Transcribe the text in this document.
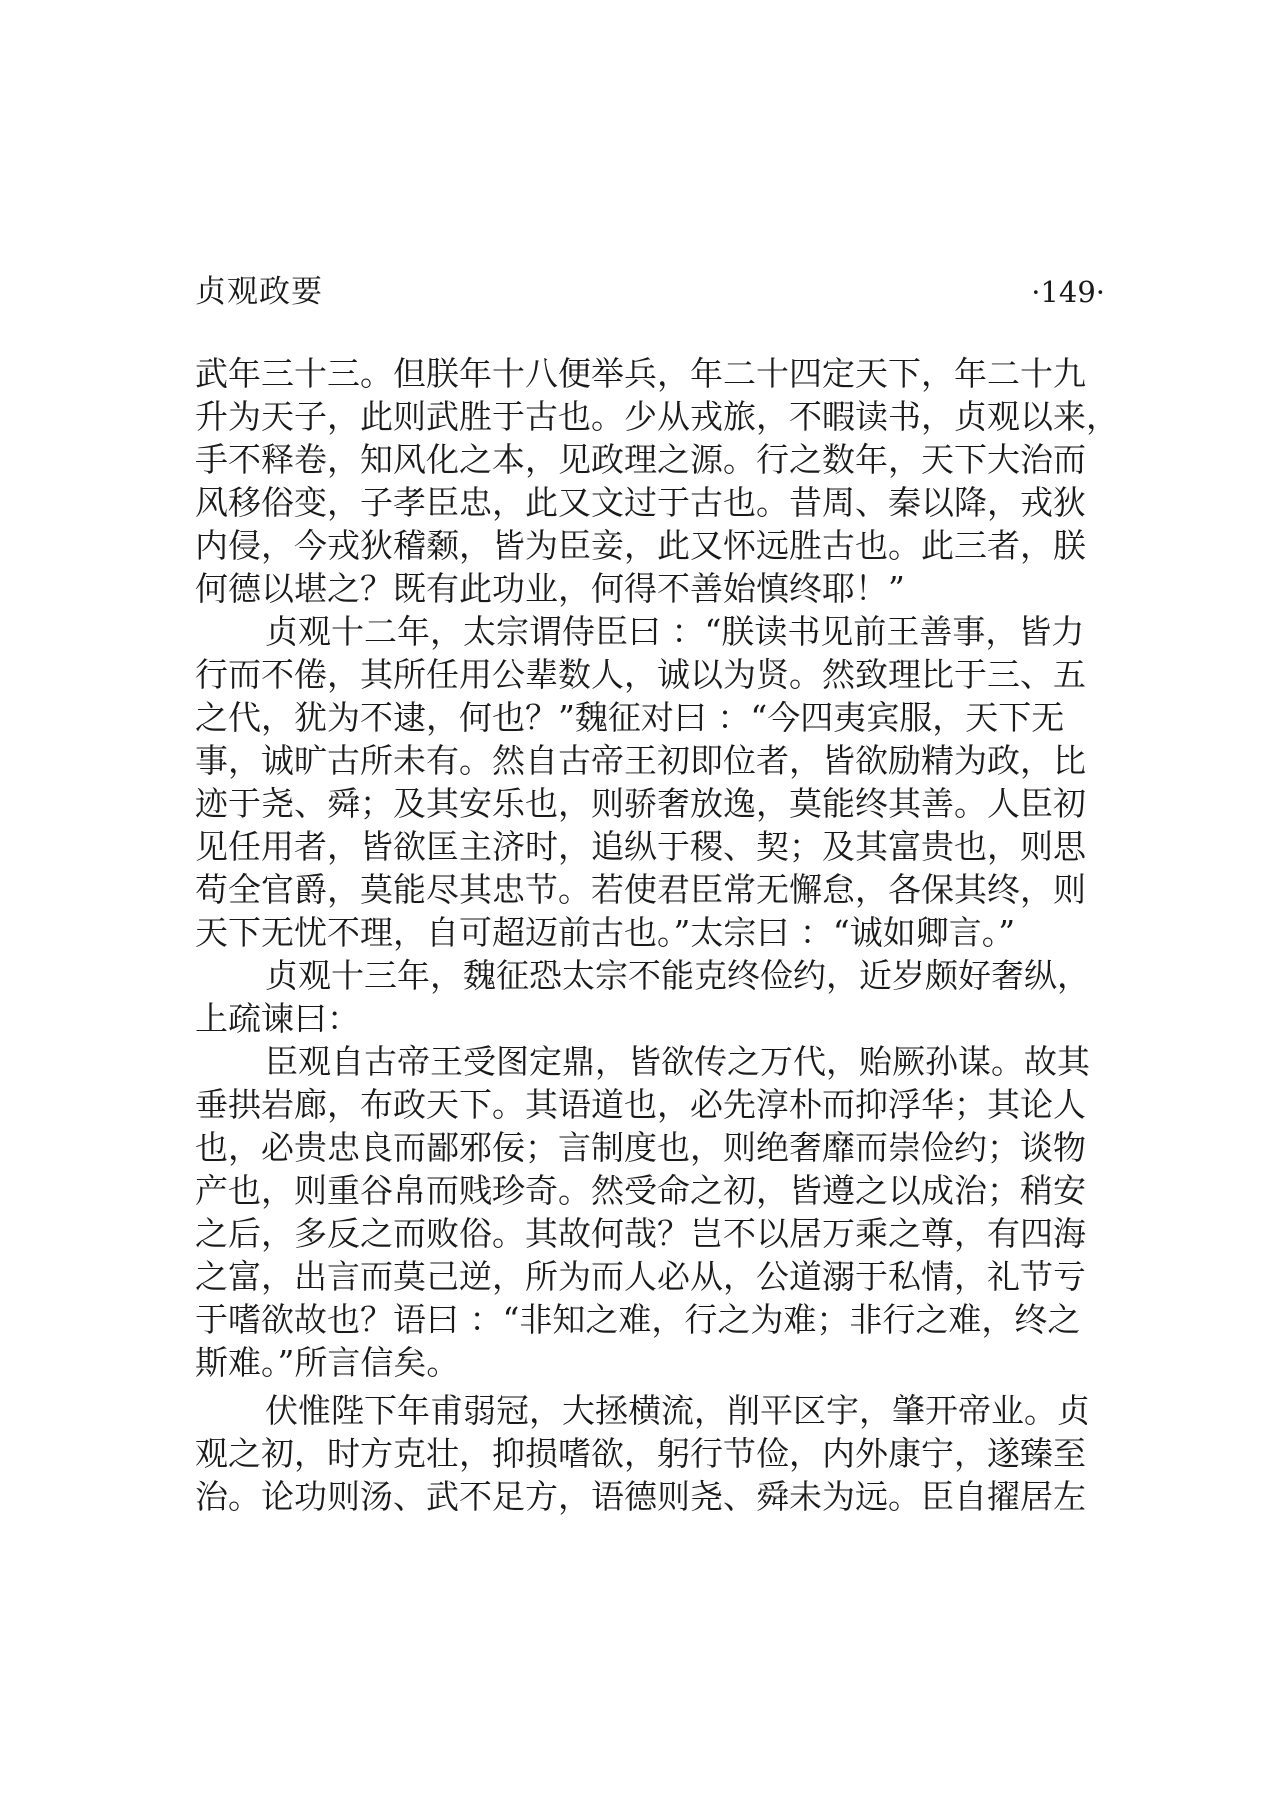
贞观政要	·149·
武年三十三。但朕年十八便举兵，年二十四定天下，年二十九
升为天子，此则武胜于古也。少从戎旅，不暇读书，贞观以来，
手不释卷，知风化之本，见政理之源。行之数年，天下大治而
风移俗变，子孝臣忠，此又文过于古也。昔周、秦以降，戎狄
内侵，今戎狄稽颡，皆为臣妾，此又怀远胜古也。此三者，朕
何德以堪之？既有此功业，何得不善始慎终耶！”
贞观十二年，太宗谓侍臣曰 ：“朕读书见前王善事，皆力
行而不倦，其所任用公辈数人，诚以为贤。然致理比于三、五
之代，犹为不逮，何也？”魏征对曰 ：“今四夷宾服，天下无
事，诚旷古所未有。然自古帝王初即位者，皆欲励精为政，比
迹于尧、舜；及其安乐也，则骄奢放逸，莫能终其善。人臣初
见任用者，皆欲匡主济时，追纵于稷、契；及其富贵也，则思
苟全官爵，莫能尽其忠节。若使君臣常无懈怠，各保其终，则
天下无忧不理，自可超迈前古也。”太宗曰 ：“诚如卿言。”
贞观十三年，魏征恐太宗不能克终俭约，近岁颇好奢纵，
上疏谏曰：
臣观自古帝王受图定鼎，皆欲传之万代，贻厥孙谋。故其
垂拱岩廊，布政天下。其语道也，必先淳朴而抑浮华；其论人
也，必贵忠良而鄙邪佞；言制度也，则绝奢靡而崇俭约；谈物
产也，则重谷帛而贱珍奇。然受命之初，皆遵之以成治；稍安
之后，多反之而败俗。其故何哉？岂不以居万乘之尊，有四海
之富，出言而莫己逆，所为而人必从，公道溺于私情，礼节亏
于嗜欲故也？语曰 ：“非知之难，行之为难；非行之难，终之
斯难。”所言信矣。
伏惟陛下年甫弱冠，大拯横流，削平区宇，肇开帝业。贞
观之初，时方克壮，抑损嗜欲，躬行节俭，内外康宁，遂臻至
治。论功则汤、武不足方，语德则尧、舜未为远。臣自擢居左
